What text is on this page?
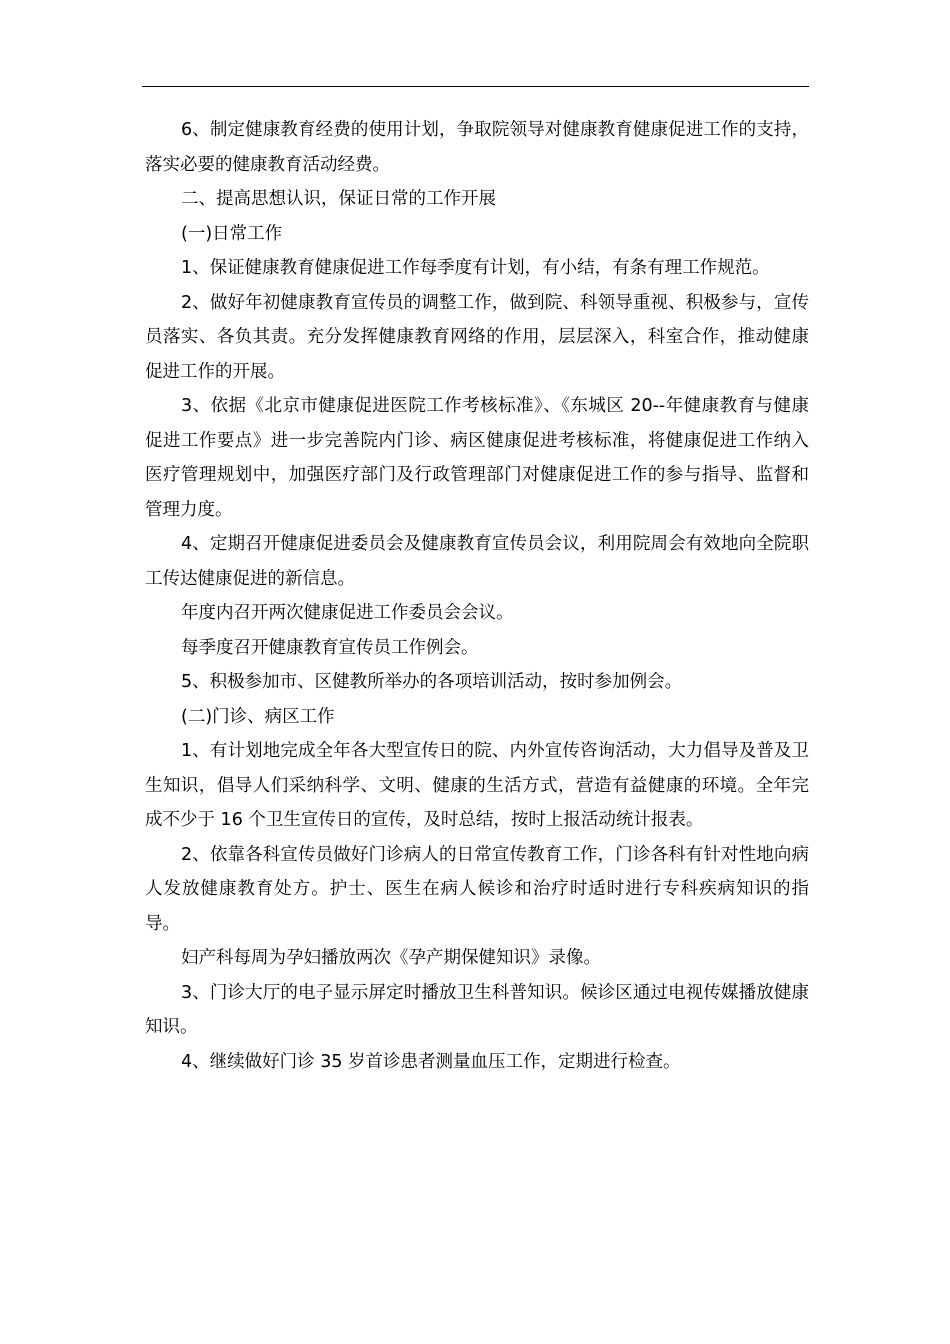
6、制定健康教育经费的使用计划，争取院领导对健康教育健康促进工作的支持，落实必要的健康教育活动经费。

二、提高思想认识，保证日常的工作开展

(一)日常工作

1、保证健康教育健康促进工作每季度有计划，有小结，有条有理工作规范。

2、做好年初健康教育宣传员的调整工作，做到院、科领导重视、积极参与，宣传员落实、各负其责。充分发挥健康教育网络的作用，层层深入，科室合作，推动健康促进工作的开展。

3、依据《北京市健康促进医院工作考核标准》、《东城区 20--年健康教育与健康促进工作要点》进一步完善院内门诊、病区健康促进考核标准，将健康促进工作纳入医疗管理规划中，加强医疗部门及行政管理部门对健康促进工作的参与指导、监督和管理力度。

4、定期召开健康促进委员会及健康教育宣传员会议，利用院周会有效地向全院职工传达健康促进的新信息。

年度内召开两次健康促进工作委员会会议。

每季度召开健康教育宣传员工作例会。

5、积极参加市、区健教所举办的各项培训活动，按时参加例会。

(二)门诊、病区工作

1、有计划地完成全年各大型宣传日的院、内外宣传咨询活动，大力倡导及普及卫生知识，倡导人们采纳科学、文明、健康的生活方式，营造有益健康的环境。全年完成不少于 16 个卫生宣传日的宣传，及时总结，按时上报活动统计报表。

2、依靠各科宣传员做好门诊病人的日常宣传教育工作，门诊各科有针对性地向病人发放健康教育处方。护士、医生在病人候诊和治疗时适时进行专科疾病知识的指导。

妇产科每周为孕妇播放两次《孕产期保健知识》录像。

3、门诊大厅的电子显示屏定时播放卫生科普知识。候诊区通过电视传媒播放健康知识。

4、继续做好门诊 35 岁首诊患者测量血压工作，定期进行检查。
